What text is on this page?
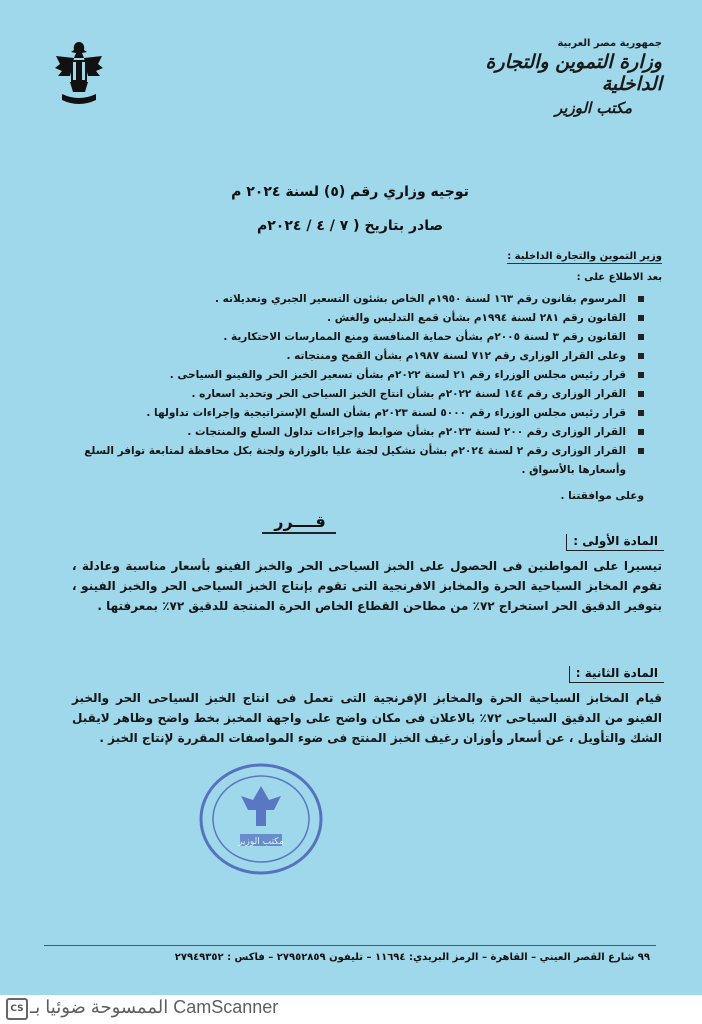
جمهورية مصر العربية
وزارة التموين والتجارة الداخلية
مكتب الوزير
توجيه وزاري رقم (٥) لسنة ٢٠٢٤ م
صادر بتاريخ ( ٧ / ٤ / ٢٠٢٤م
وزير التموين والتجارة الداخلية :
بعد الاطلاع على :
المرسوم بقانون رقم ١٦٣ لسنة ١٩٥٠م الخاص بشئون التسعير الجبري وتعديلاته .
القانون رقم ٢٨١ لسنة ١٩٩٤م بشأن قمع التدليس والغش .
القانون رقم ٣ لسنة ٢٠٠٥م بشأن حماية المنافسة ومنع الممارسات الاحتكارية .
وعلى القرار الوزارى رقم ٧١٢ لسنة ١٩٨٧م بشأن القمح ومنتجاته .
قرار رئيس مجلس الوزراء رقم ٢١ لسنة ٢٠٢٢م بشأن تسعير الخبز الحر والفينو السياحى .
القرار الوزارى رقم ١٤٤ لسنة ٢٠٢٢م بشأن انتاج الخبز السياحى الحر وتحديد اسعاره .
قرار رئيس مجلس الوزراء رقم ٥٠٠٠ لسنة ٢٠٢٣م بشأن السلع الإستراتيجية وإجراءات تداولها .
القرار الوزارى رقم ٢٠٠ لسنة ٢٠٢٣م بشأن ضوابط وإجراءات تداول السلع والمنتجات .
القرار الوزارى رقم ٢ لسنة ٢٠٢٤م بشأن تشكيل لجنة عليا بالوزارة ولجنة بكل محافظة لمتابعة توافر السلع وأسعارها بالأسواق .
وعلى موافقتنا .
قــــرر
المادة الأولى :
تيسيرا على المواطنين فى الحصول على الخبز السياحى الحر والخبز الفينو بأسعار مناسبة وعادلة ، تقوم المخابز السياحية الحرة والمخابز الافرنجية التى تقوم بإنتاج الخبز السياحى الحر والخبز الفينو ، بتوفير الدقيق الحر استخراج ٧٢٪ من مطاحن القطاع الخاص الحرة المنتجة للدقيق ٧٢٪ بمعرفتها .
المادة الثانية :
قيام المخابز السياحية الحرة والمخابز الإفرنجية التى تعمل فى انتاج الخبز السياحى الحر والخبز الفينو من الدقيق السياحى ٧٢٪ بالاعلان فى مكان واضح على واجهة المخبز بخط واضح وظاهر لايقبل الشك والتأويل ، عن أسعار وأوزان رغيف الخبز المنتج فى ضوء المواصفات المقررة لإنتاج الخبز .
مكتب الوزير
٩٩ شارع القصر العيني – القاهرة – الرمز البريدي: ١١٦٩٤ – تليفون ٢٧٩٥٢٨٥٩ – فاكس : ٢٧٩٤٩٣٥٢
CS الممسوحة ضوئيا بـ CamScanner
